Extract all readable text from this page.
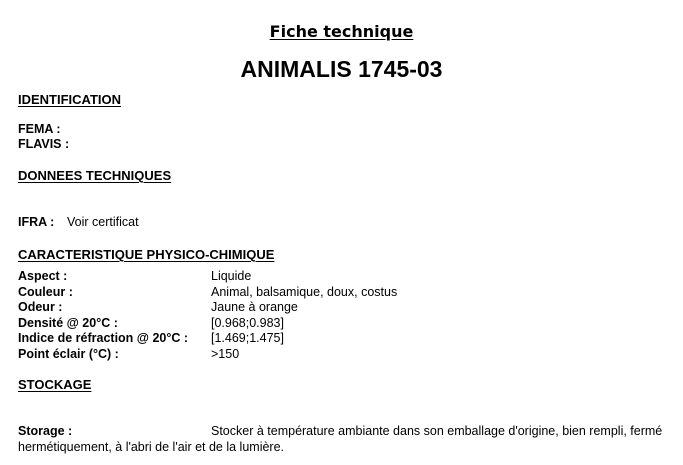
Fiche technique
ANIMALIS 1745-03
IDENTIFICATION
FEMA :
FLAVIS :
DONNEES TECHNIQUES
IFRA : Voir certificat
CARACTERISTIQUE PHYSICO-CHIMIQUE
Aspect :	Liquide
Couleur :	Animal, balsamique, doux, costus
Odeur :	Jaune à orange
Densité @ 20°C :	[0.968;0.983]
Indice de réfraction @ 20°C : [1.469;1.475]
Point éclair (°C) :	>150
STOCKAGE
Storage :	Stocker à température ambiante dans son emballage d'origine, bien rempli, fermé hermétiquement, à l'abri de l'air et de la lumière.
